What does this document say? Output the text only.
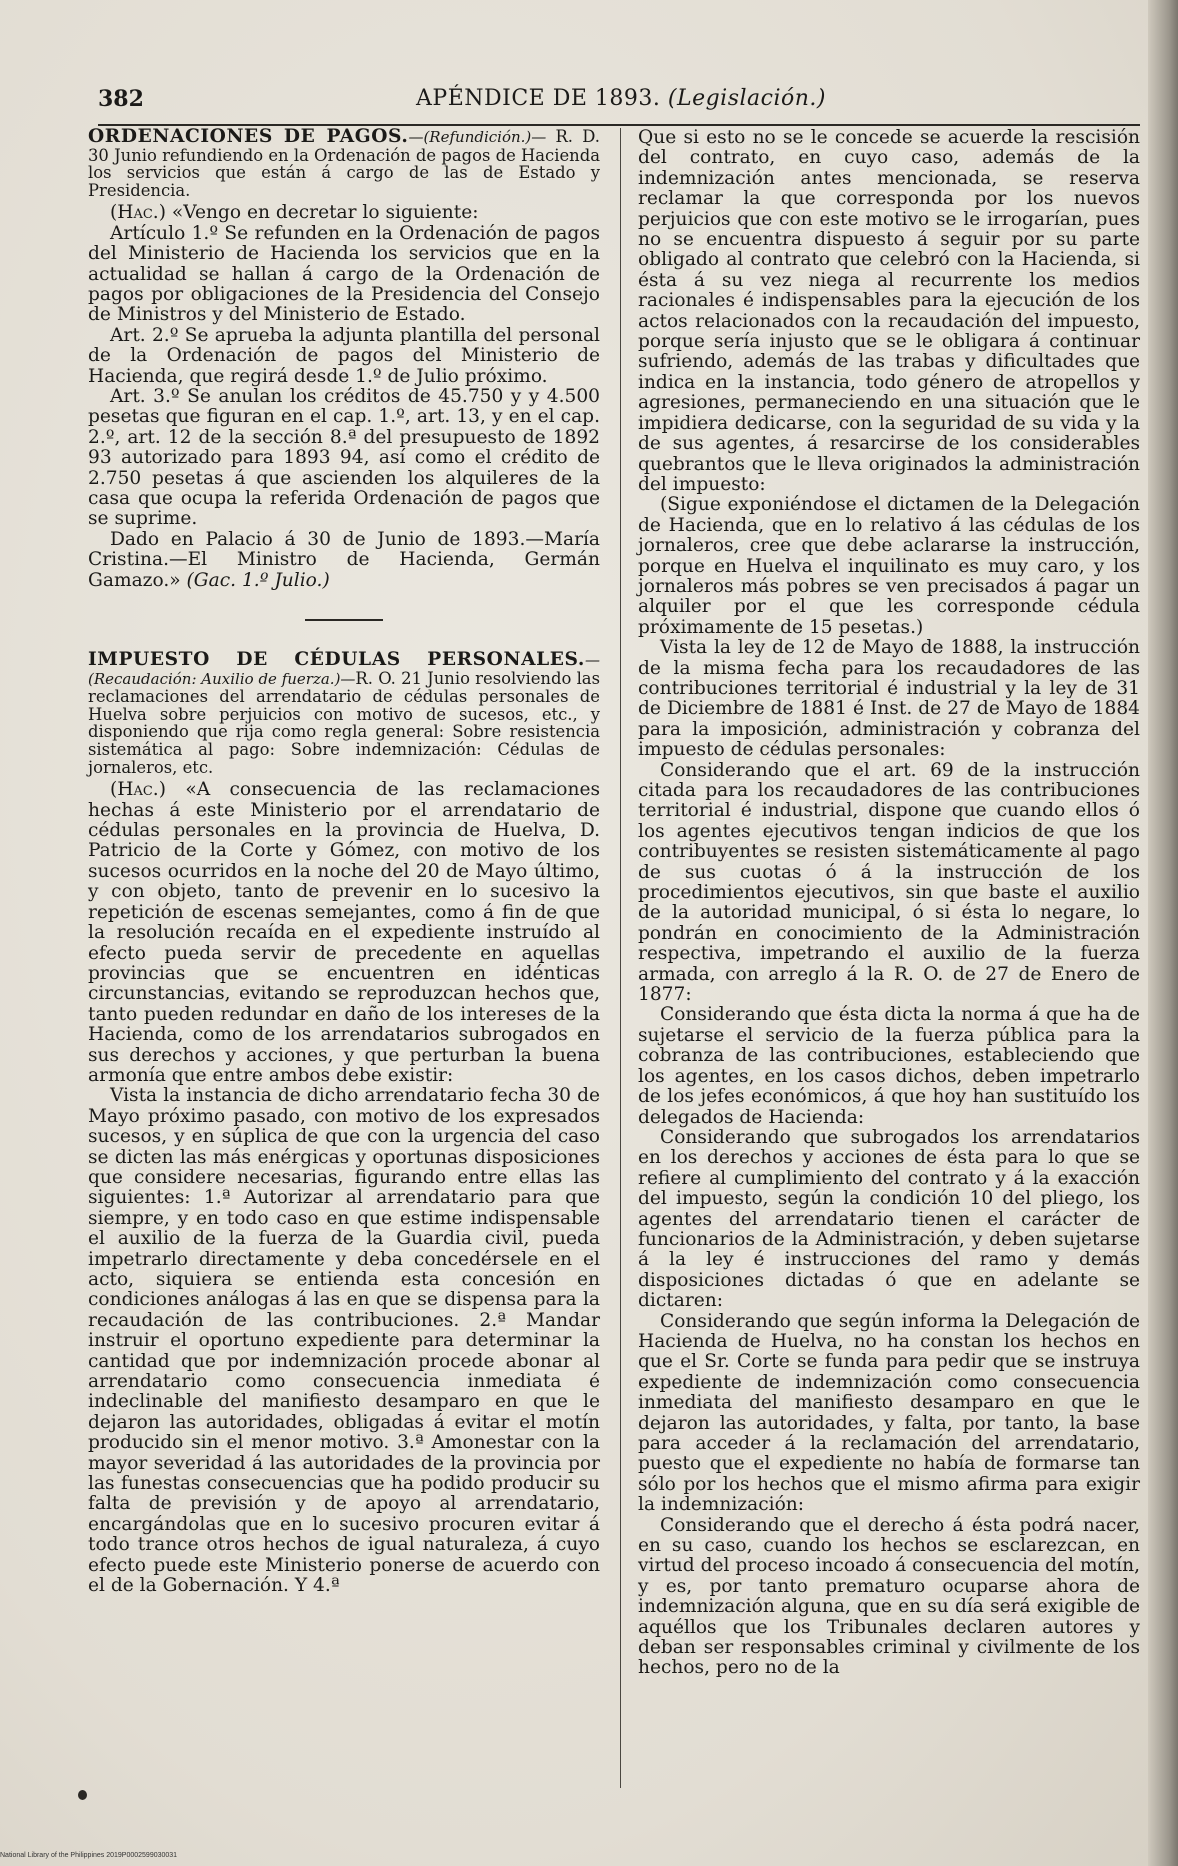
382	APÉNDICE DE 1893. (Legislación.)
ORDENACIONES DE PAGOS.—(Refundición.)— R. D. 30 Junio refundiendo en la Ordenación de pagos de Hacienda los servicios que están á cargo de las de Estado y Presidencia.

(Hac.) «Vengo en decretar lo siguiente:

Artículo 1.º Se refunden en la Ordenación de pagos del Ministerio de Hacienda los servicios que en la actualidad se hallan á cargo de la Ordenación de pagos por obligaciones de la Presidencia del Consejo de Ministros y del Ministerio de Estado.

Art. 2.º Se aprueba la adjunta plantilla del personal de la Ordenación de pagos del Ministerio de Hacienda, que regirá desde 1.º de Julio próximo.

Art. 3.º Se anulan los créditos de 45.750 y y 4.500 pesetas que figuran en el cap. 1.º, art. 13, y en el cap. 2.º, art. 12 de la sección 8.ª del presupuesto de 1892 93 autorizado para 1893 94, así como el crédito de 2.750 pesetas á que ascienden los alquileres de la casa que ocupa la referida Ordenación de pagos que se suprime.

Dado en Palacio á 30 de Junio de 1893.—María Cristina.—El Ministro de Hacienda, Germán Gamazo.» (Gac. 1.º Julio.)

IMPUESTO DE CÉDULAS PERSONALES.—(Recaudación: Auxilio de fuerza.)—R. O. 21 Junio resolviendo las reclamaciones del arrendatario de cédulas personales de Huelva sobre perjuicios con motivo de sucesos, etc., y disponiendo que rija como regla general: Sobre resistencia sistemática al pago: Sobre indemnización: Cédulas de jornaleros, etc.

(Hac.) «A consecuencia de las reclamaciones hechas á este Ministerio por el arrendatario de cédulas personales en la provincia de Huelva, D. Patricio de la Corte y Gómez, con motivo de los sucesos ocurridos en la noche del 20 de Mayo último, y con objeto, tanto de prevenir en lo sucesivo la repetición de escenas semejantes, como á fin de que la resolución recaída en el expediente instruído al efecto pueda servir de precedente en aquellas provincias que se encuentren en idénticas circunstancias, evitando se reproduzcan hechos que, tanto pueden redundar en daño de los intereses de la Hacienda, como de los arrendatarios subrogados en sus derechos y acciones, y que perturban la buena armonía que entre ambos debe existir:

Vista la instancia de dicho arrendatario fecha 30 de Mayo próximo pasado, con motivo de los expresados sucesos, y en súplica de que con la urgencia del caso se dicten las más enérgicas y oportunas disposiciones que considere necesarias, figurando entre ellas las siguientes: 1.ª Autorizar al arrendatario para que siempre, y en todo caso en que estime indispensable el auxilio de la fuerza de la Guardia civil, pueda impetrarlo directamente y deba concedérsele en el acto, siquiera se entienda esta concesión en condiciones análogas á las en que se dispensa para la recaudación de las contribuciones. 2.ª Mandar instruir el oportuno expediente para determinar la cantidad que por indemnización procede abonar al arrendatario como consecuencia inmediata é indeclinable del manifiesto desamparo en que le dejaron las autoridades, obligadas á evitar el motín producido sin el menor motivo. 3.ª Amonestar con la mayor severidad á las autoridades de la provincia por las funestas consecuencias que ha podido producir su falta de previsión y de apoyo al arrendatario, encargándolas que en lo sucesivo procuren evitar á todo trance otros hechos de igual naturaleza, á cuyo efecto puede este Ministerio ponerse de acuerdo con el de la Gobernación. Y 4.ª

Que si esto no se le concede se acuerde la rescisión del contrato, en cuyo caso, además de la indemnización antes mencionada, se reserva reclamar la que corresponda por los nuevos perjuicios que con este motivo se le irrogarían, pues no se encuentra dispuesto á seguir por su parte obligado al contrato que celebró con la Hacienda, si ésta á su vez niega al recurrente los medios racionales é indispensables para la ejecución de los actos relacionados con la recaudación del impuesto, porque sería injusto que se le obligara á continuar sufriendo, además de las trabas y dificultades que indica en la instancia, todo género de atropellos y agresiones, permaneciendo en una situación que le impidiera dedicarse, con la seguridad de su vida y la de sus agentes, á resarcirse de los considerables quebrantos que le lleva originados la administración del impuesto:

(Sigue exponiéndose el dictamen de la Delegación de Hacienda, que en lo relativo á las cédulas de los jornaleros, cree que debe aclararse la instrucción, porque en Huelva el inquilinato es muy caro, y los jornaleros más pobres se ven precisados á pagar un alquiler por el que les corresponde cédula próximamente de 15 pesetas.)

Vista la ley de 12 de Mayo de 1888, la instrucción de la misma fecha para los recaudadores de las contribuciones territorial é industrial y la ley de 31 de Diciembre de 1881 é Inst. de 27 de Mayo de 1884 para la imposición, administración y cobranza del impuesto de cédulas personales:

Considerando que el art. 69 de la instrucción citada para los recaudadores de las contribuciones territorial é industrial, dispone que cuando ellos ó los agentes ejecutivos tengan indicios de que los contribuyentes se resisten sistemáticamente al pago de sus cuotas ó á la instrucción de los procedimientos ejecutivos, sin que baste el auxilio de la autoridad municipal, ó si ésta lo negare, lo pondrán en conocimiento de la Administración respectiva, impetrando el auxilio de la fuerza armada, con arreglo á la R. O. de 27 de Enero de 1877:

Considerando que ésta dicta la norma á que ha de sujetarse el servicio de la fuerza pública para la cobranza de las contribuciones, estableciendo que los agentes, en los casos dichos, deben impetrarlo de los jefes económicos, á que hoy han sustituído los delegados de Hacienda:

Considerando que subrogados los arrendatarios en los derechos y acciones de ésta para lo que se refiere al cumplimiento del contrato y á la exacción del impuesto, según la condición 10 del pliego, los agentes del arrendatario tienen el carácter de funcionarios de la Administración, y deben sujetarse á la ley é instrucciones del ramo y demás disposiciones dictadas ó que en adelante se dictaren:

Considerando que según informa la Delegación de Hacienda de Huelva, no ha constan los hechos en que el Sr. Corte se funda para pedir que se instruya expediente de indemnización como consecuencia inmediata del manifiesto desamparo en que le dejaron las autoridades, y falta, por tanto, la base para acceder á la reclamación del arrendatario, puesto que el expediente no había de formarse tan sólo por los hechos que el mismo afirma para exigir la indemnización:

Considerando que el derecho á ésta podrá nacer, en su caso, cuando los hechos se esclarezcan, en virtud del proceso incoado á consecuencia del motín, y es, por tanto prematuro ocuparse ahora de indemnización alguna, que en su día será exigible de aquéllos que los Tribunales declaren autores y deban ser responsables criminal y civilmente de los hechos, pero no de la

National Library of the Philippines 2019P0002599030031
